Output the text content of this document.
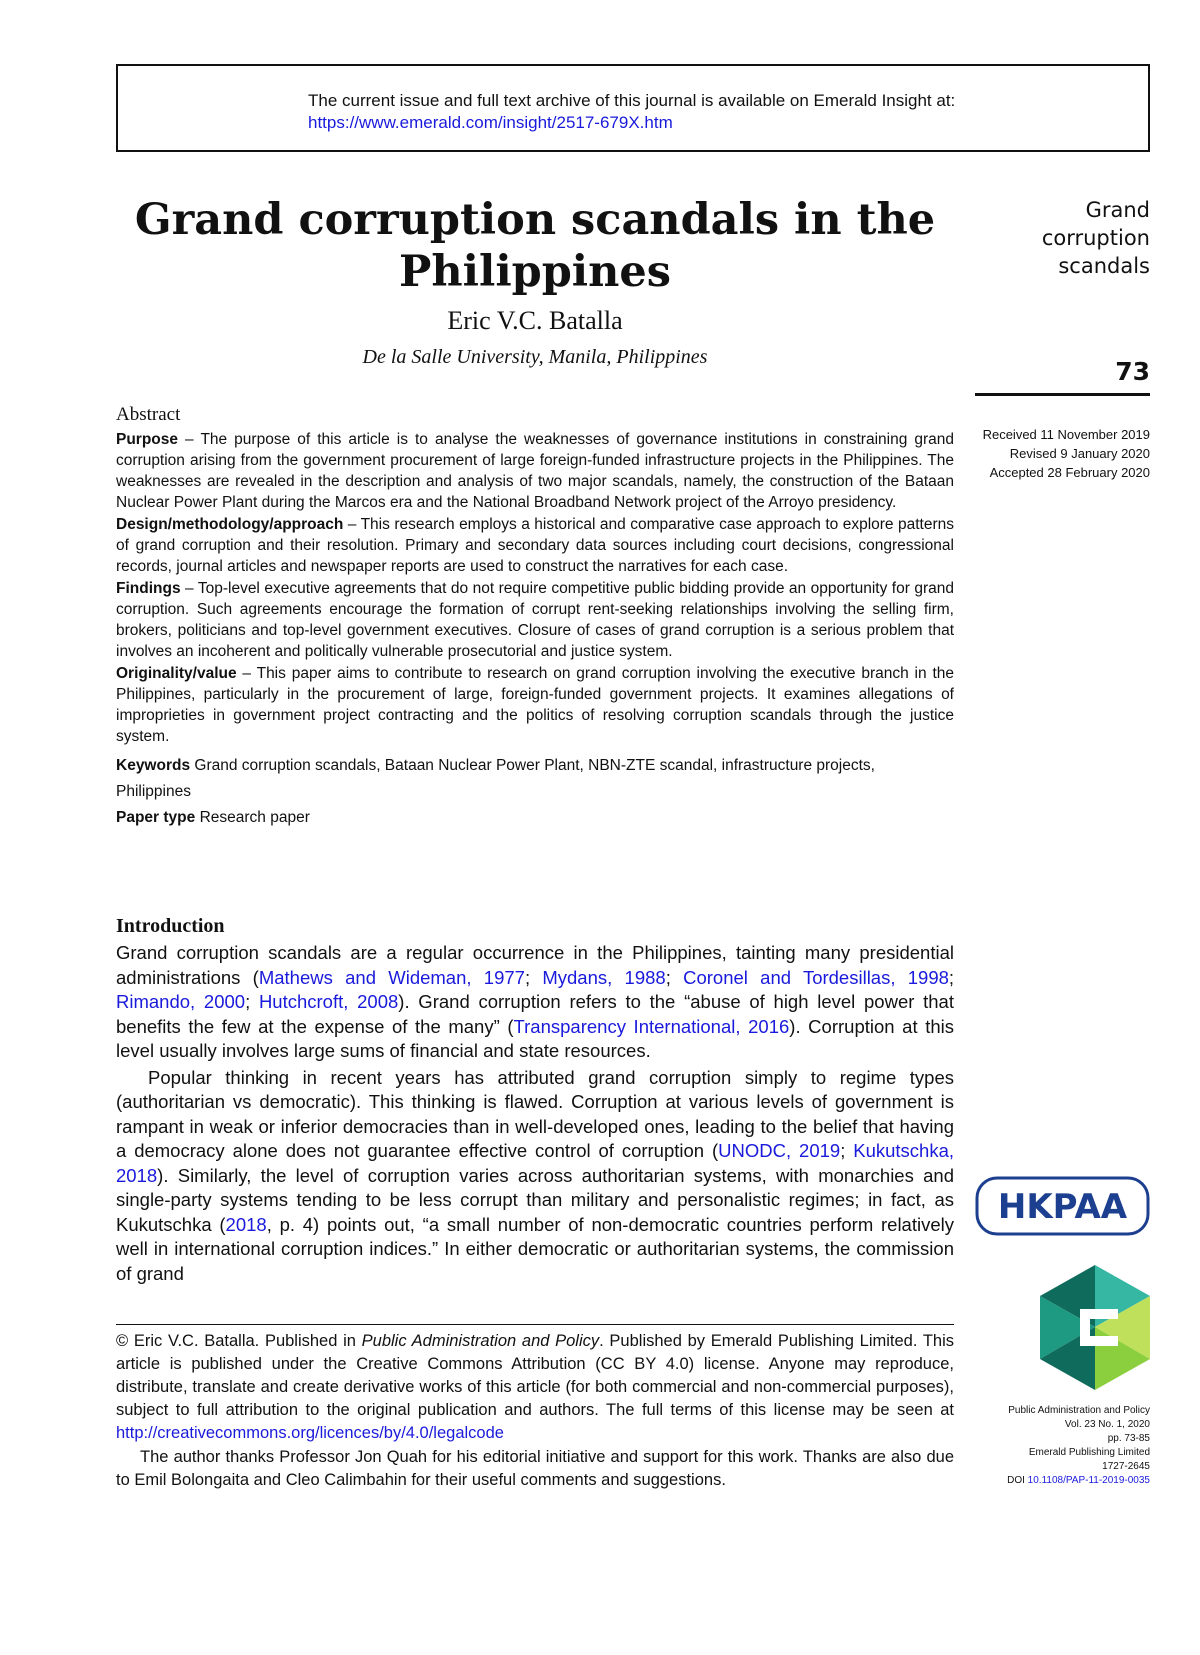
The current issue and full text archive of this journal is available on Emerald Insight at:
https://www.emerald.com/insight/2517-679X.htm
Grand corruption scandals in the Philippines
Eric V.C. Batalla
De la Salle University, Manila, Philippines
Grand
corruption
scandals
73
Received 11 November 2019
Revised 9 January 2020
Accepted 28 February 2020
Abstract

Purpose – The purpose of this article is to analyse the weaknesses of governance institutions in constraining grand corruption arising from the government procurement of large foreign-funded infrastructure projects in the Philippines. The weaknesses are revealed in the description and analysis of two major scandals, namely, the construction of the Bataan Nuclear Power Plant during the Marcos era and the National Broadband Network project of the Arroyo presidency.

Design/methodology/approach – This research employs a historical and comparative case approach to explore patterns of grand corruption and their resolution. Primary and secondary data sources including court decisions, congressional records, journal articles and newspaper reports are used to construct the narratives for each case.

Findings – Top-level executive agreements that do not require competitive public bidding provide an opportunity for grand corruption. Such agreements encourage the formation of corrupt rent-seeking relationships involving the selling firm, brokers, politicians and top-level government executives. Closure of cases of grand corruption is a serious problem that involves an incoherent and politically vulnerable prosecutorial and justice system.

Originality/value – This paper aims to contribute to research on grand corruption involving the executive branch in the Philippines, particularly in the procurement of large, foreign-funded government projects. It examines allegations of improprieties in government project contracting and the politics of resolving corruption scandals through the justice system.

Keywords Grand corruption scandals, Bataan Nuclear Power Plant, NBN-ZTE scandal, infrastructure projects, Philippines
Paper type Research paper
Introduction

Grand corruption scandals are a regular occurrence in the Philippines, tainting many presidential administrations (Mathews and Wideman, 1977; Mydans, 1988; Coronel and Tordesillas, 1998; Rimando, 2000; Hutchcroft, 2008). Grand corruption refers to the “abuse of high level power that benefits the few at the expense of the many” (Transparency International, 2016). Corruption at this level usually involves large sums of financial and state resources.

Popular thinking in recent years has attributed grand corruption simply to regime types (authoritarian vs democratic). This thinking is flawed. Corruption at various levels of government is rampant in weak or inferior democracies than in well-developed ones, leading to the belief that having a democracy alone does not guarantee effective control of corruption (UNODC, 2019; Kukutschka, 2018). Similarly, the level of corruption varies across authoritarian systems, with monarchies and single-party systems tending to be less corrupt than military and personalistic regimes; in fact, as Kukutschka (2018, p. 4) points out, “a small number of non-democratic countries perform relatively well in international corruption indices.” In either democratic or authoritarian systems, the commission of grand

© Eric V.C. Batalla. Published in Public Administration and Policy. Published by Emerald Publishing Limited. This article is published under the Creative Commons Attribution (CC BY 4.0) license. Anyone may reproduce, distribute, translate and create derivative works of this article (for both commercial and non-commercial purposes), subject to full attribution to the original publication and authors. The full terms of this license may be seen at http://creativecommons.org/licences/by/4.0/legalcode

The author thanks Professor Jon Quah for his editorial initiative and support for this work. Thanks are also due to Emil Bolongaita and Cleo Calimbahin for their useful comments and suggestions.

HKPAA
Public Administration and Policy
Vol. 23 No. 1, 2020
pp. 73-85
Emerald Publishing Limited
1727-2645
DOI 10.1108/PAP-11-2019-0035
